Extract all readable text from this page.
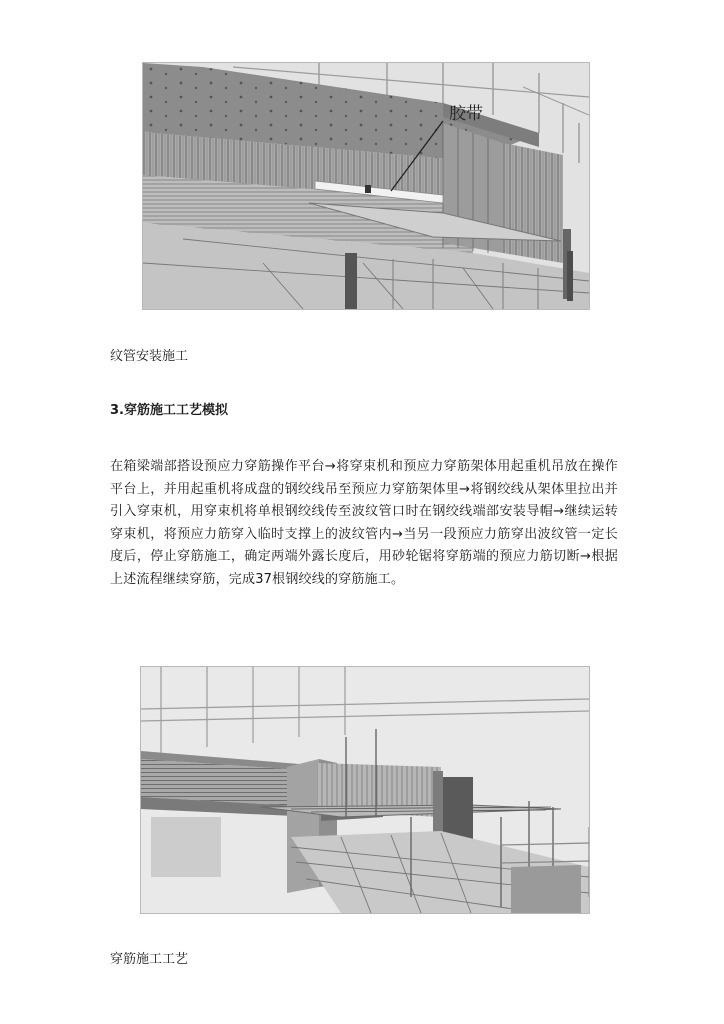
胶带

纹管安装施工

3.穿筋施工工艺模拟

在箱梁端部搭设预应力穿筋操作平台→将穿束机和预应力穿筋架体用起重机吊放在操作平台上，并用起重机将成盘的钢绞线吊至预应力穿筋架体里→将钢绞线从架体里拉出并引入穿束机，用穿束机将单根钢绞线传至波纹管口时在钢绞线端部安装导帽→继续运转穿束机，将预应力筋穿入临时支撑上的波纹管内→当另一段预应力筋穿出波纹管一定长度后，停止穿筋施工，确定两端外露长度后，用砂轮锯将穿筋端的预应力筋切断→根据上述流程继续穿筋，完成37根钢绞线的穿筋施工。

穿筋施工工艺
